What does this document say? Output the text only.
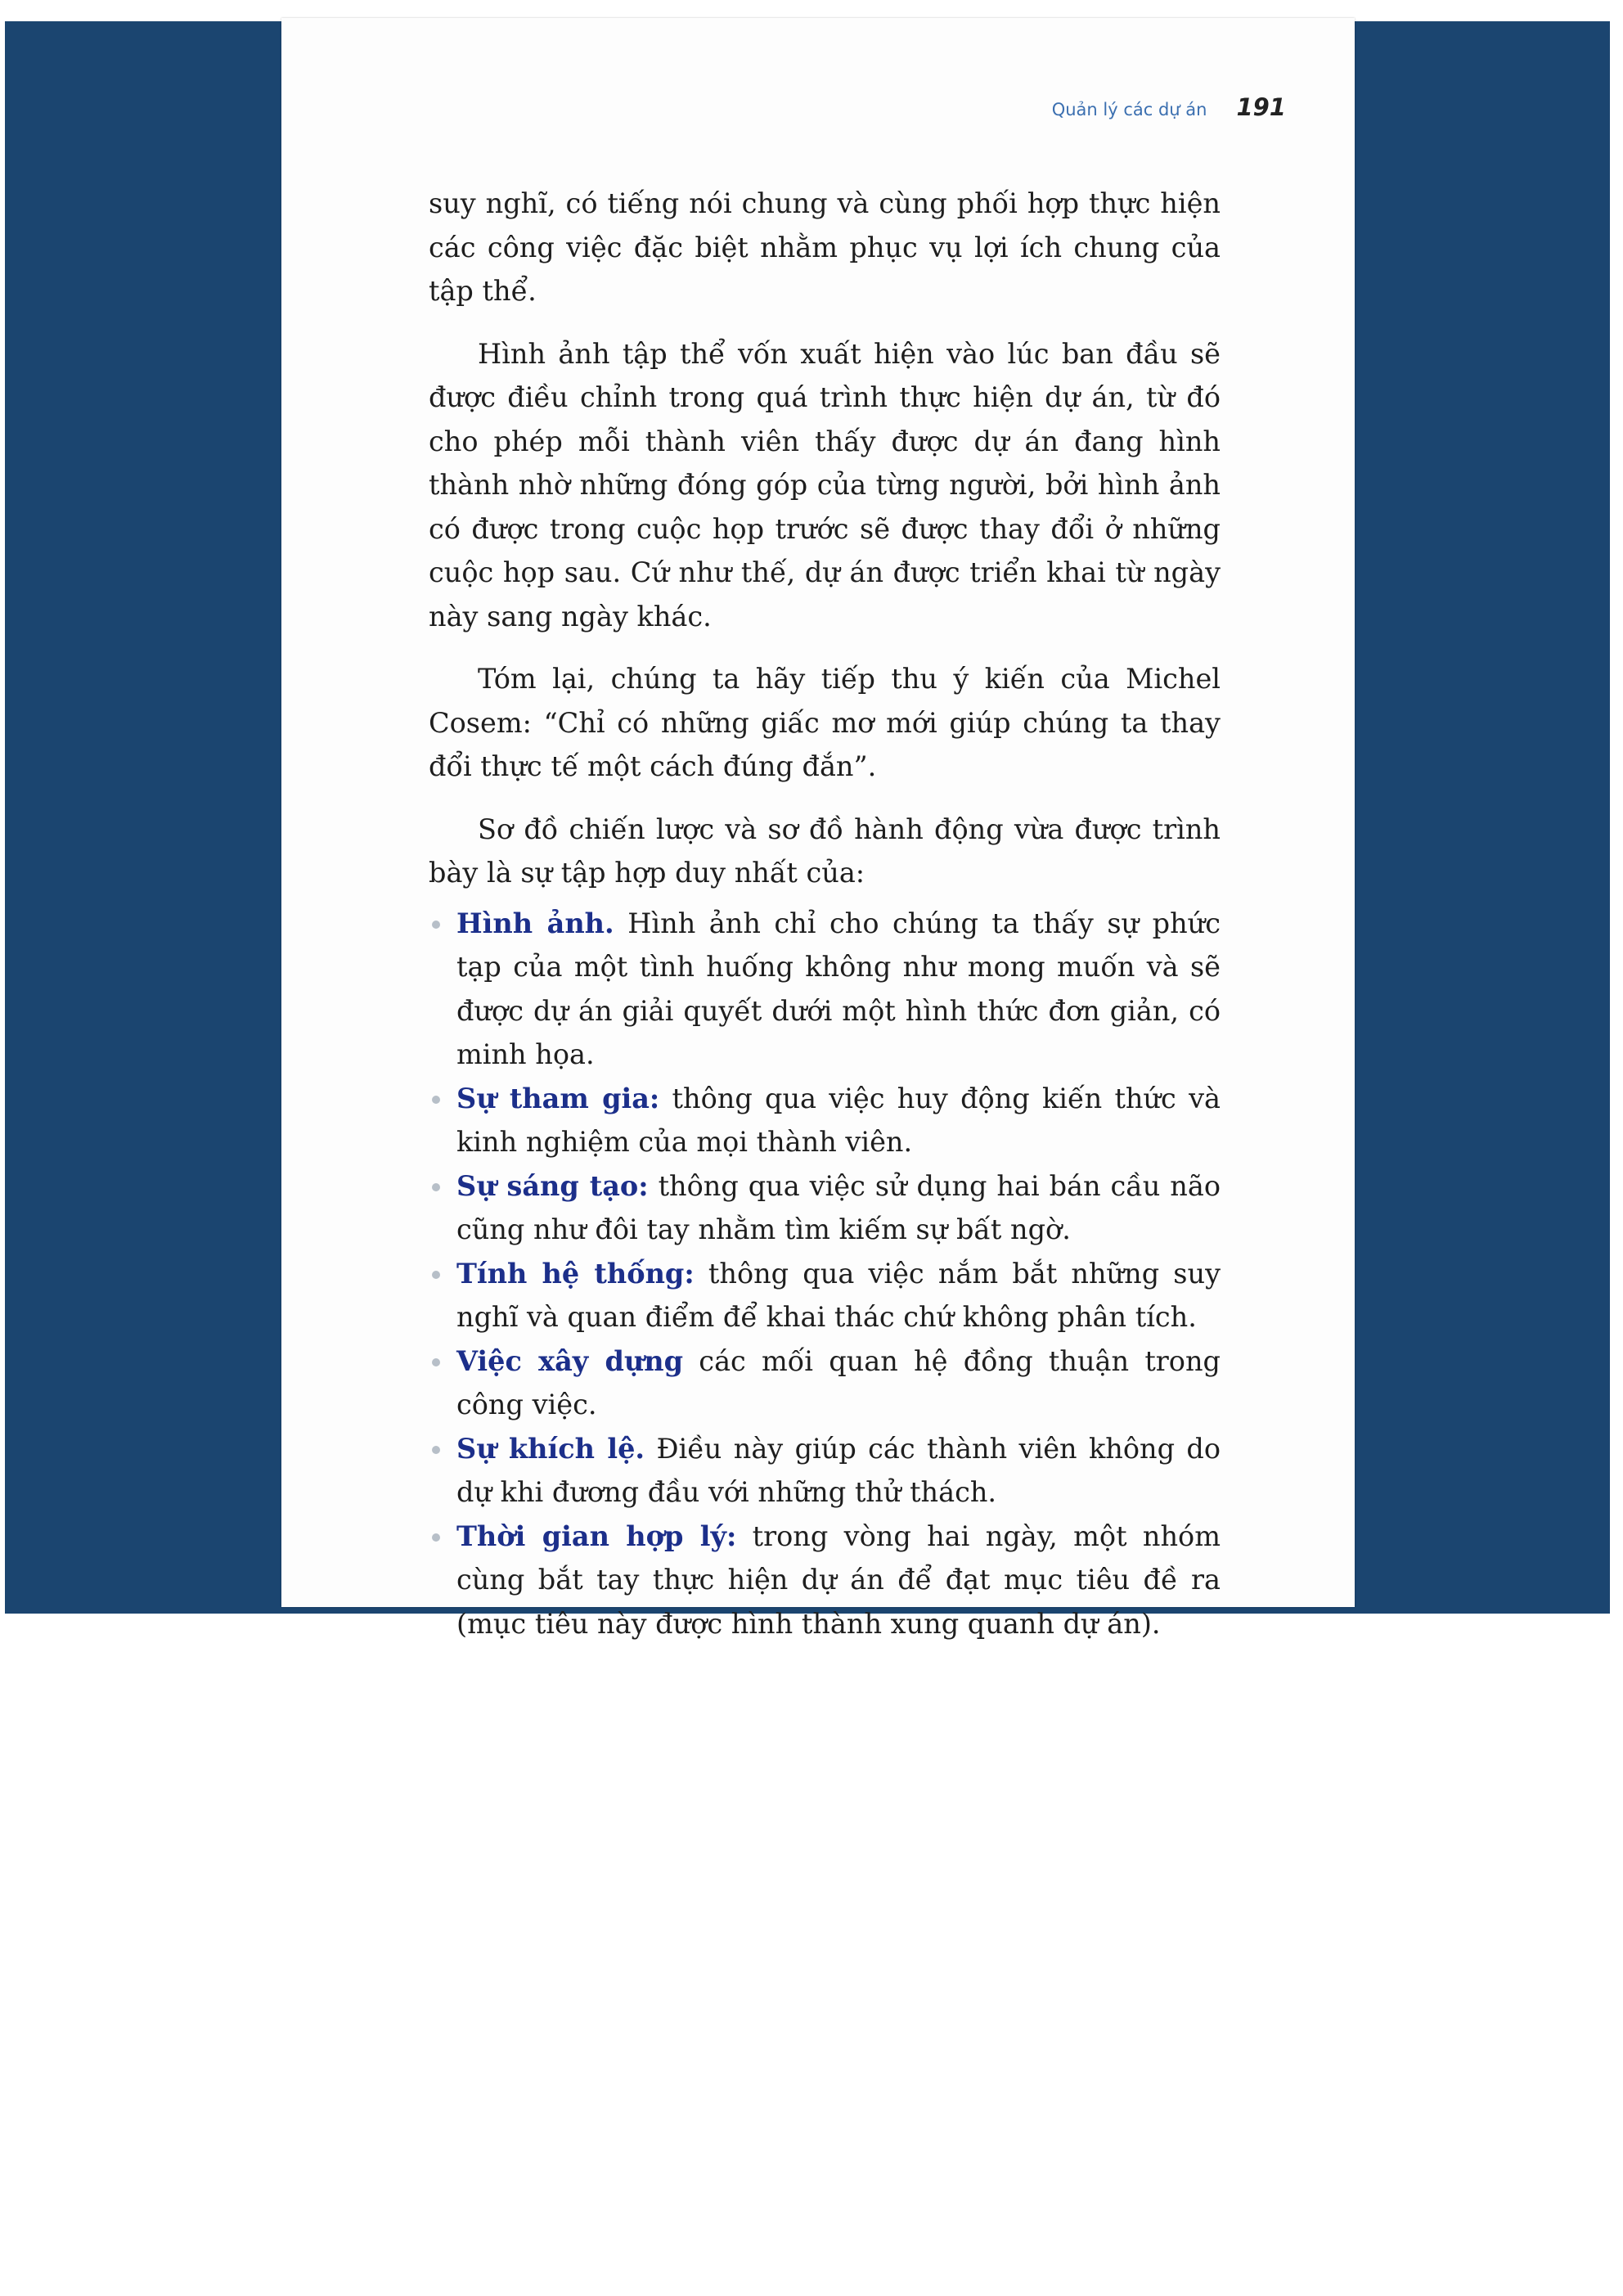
Quản lý các dự án 191

suy nghĩ, có tiếng nói chung và cùng phối hợp thực hiện các công việc đặc biệt nhằm phục vụ lợi ích chung của tập thể.

Hình ảnh tập thể vốn xuất hiện vào lúc ban đầu sẽ được điều chỉnh trong quá trình thực hiện dự án, từ đó cho phép mỗi thành viên thấy được dự án đang hình thành nhờ những đóng góp của từng người, bởi hình ảnh có được trong cuộc họp trước sẽ được thay đổi ở những cuộc họp sau. Cứ như thế, dự án được triển khai từ ngày này sang ngày khác.

Tóm lại, chúng ta hãy tiếp thu ý kiến của Michel Cosem: “Chỉ có những giấc mơ mới giúp chúng ta thay đổi thực tế một cách đúng đắn”.

Sơ đồ chiến lược và sơ đồ hành động vừa được trình bày là sự tập hợp duy nhất của:

Hình ảnh. Hình ảnh chỉ cho chúng ta thấy sự phức tạp của một tình huống không như mong muốn và sẽ được dự án giải quyết dưới một hình thức đơn giản, có minh họa.
Sự tham gia: thông qua việc huy động kiến thức và kinh nghiệm của mọi thành viên.
Sự sáng tạo: thông qua việc sử dụng hai bán cầu não cũng như đôi tay nhằm tìm kiếm sự bất ngờ.
Tính hệ thống: thông qua việc nắm bắt những suy nghĩ và quan điểm để khai thác chứ không phân tích.
Việc xây dựng các mối quan hệ đồng thuận trong công việc.
Sự khích lệ. Điều này giúp các thành viên không do dự khi đương đầu với những thử thách.
Thời gian hợp lý: trong vòng hai ngày, một nhóm cùng bắt tay thực hiện dự án để đạt mục tiêu đề ra (mục tiêu này được hình thành xung quanh dự án).
